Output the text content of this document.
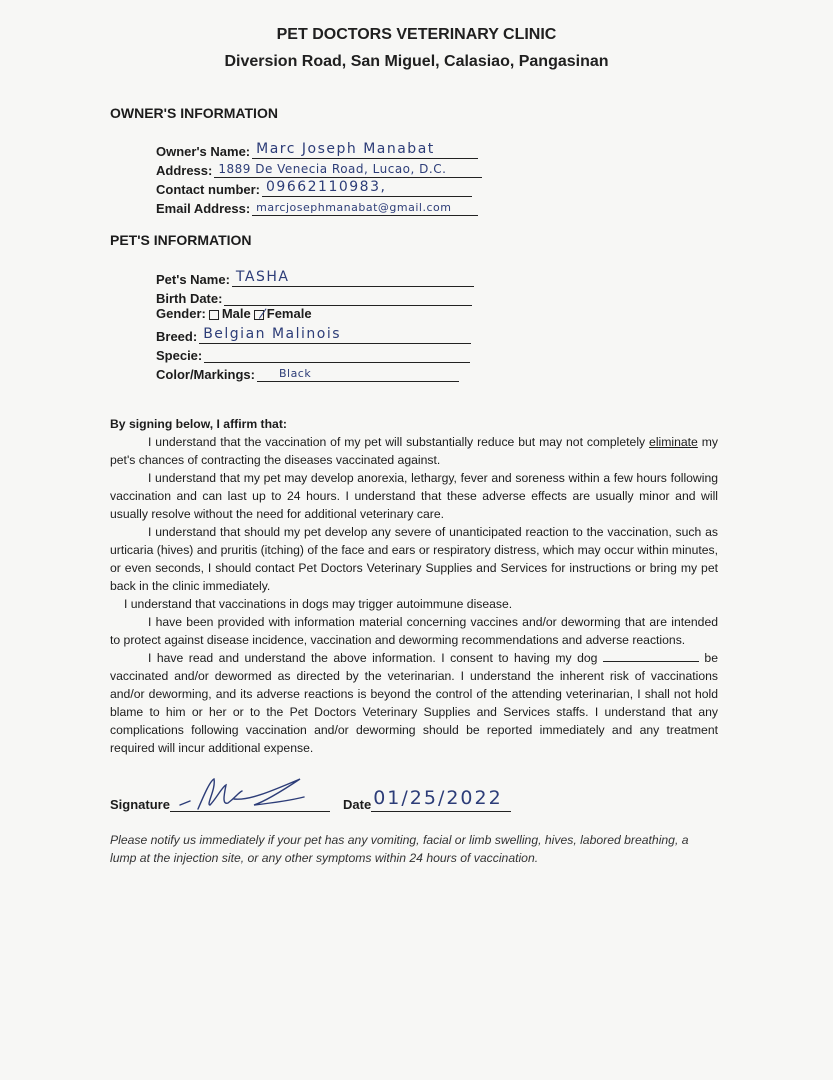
PET DOCTORS VETERINARY CLINIC
Diversion Road, San Miguel, Calasiao, Pangasinan
OWNER'S INFORMATION
Owner's Name: Marc Joseph Manabat
Address: 1889 De Venecia Road, Lucao, D.C.
Contact number: 09662110983,
Email Address: marcjosephmanabat@gmail.com
PET'S INFORMATION
Pet's Name: TASHA
Birth Date:
Gender: Male Female
Breed: Belgian Malinois
Specie:
Color/Markings: Black

By signing below, I affirm that:

I understand that the vaccination of my pet will substantially reduce but may not completely eliminate my pet's chances of contracting the diseases vaccinated against.

I understand that my pet may develop anorexia, lethargy, fever and soreness within a few hours following vaccination and can last up to 24 hours. I understand that these adverse effects are usually minor and will usually resolve without the need for additional veterinary care.

I understand that should my pet develop any severe of unanticipated reaction to the vaccination, such as urticaria (hives) and pruritis (itching) of the face and ears or respiratory distress, which may occur within minutes, or even seconds, I should contact Pet Doctors Veterinary Supplies and Services for instructions or bring my pet back in the clinic immediately.

I understand that vaccinations in dogs may trigger autoimmune disease.

I have been provided with information material concerning vaccines and/or deworming that are intended to protect against disease incidence, vaccination and deworming recommendations and adverse reactions.

I have read and understand the above information. I consent to having my dog	be vaccinated and/or dewormed as directed by the veterinarian. I understand the inherent risk of vaccinations and/or deworming, and its adverse reactions is beyond the control of the attending veterinarian, I shall not hold blame to him or her or to the Pet Doctors Veterinary Supplies and Services staffs. I understand that any complications following vaccination and/or deworming should be reported immediately and any treatment required will incur additional expense.

Signature	Date 01/25/2022
Please notify us immediately if your pet has any vomiting, facial or limb swelling, hives, labored breathing, a lump at the injection site, or any other symptoms within 24 hours of vaccination.
